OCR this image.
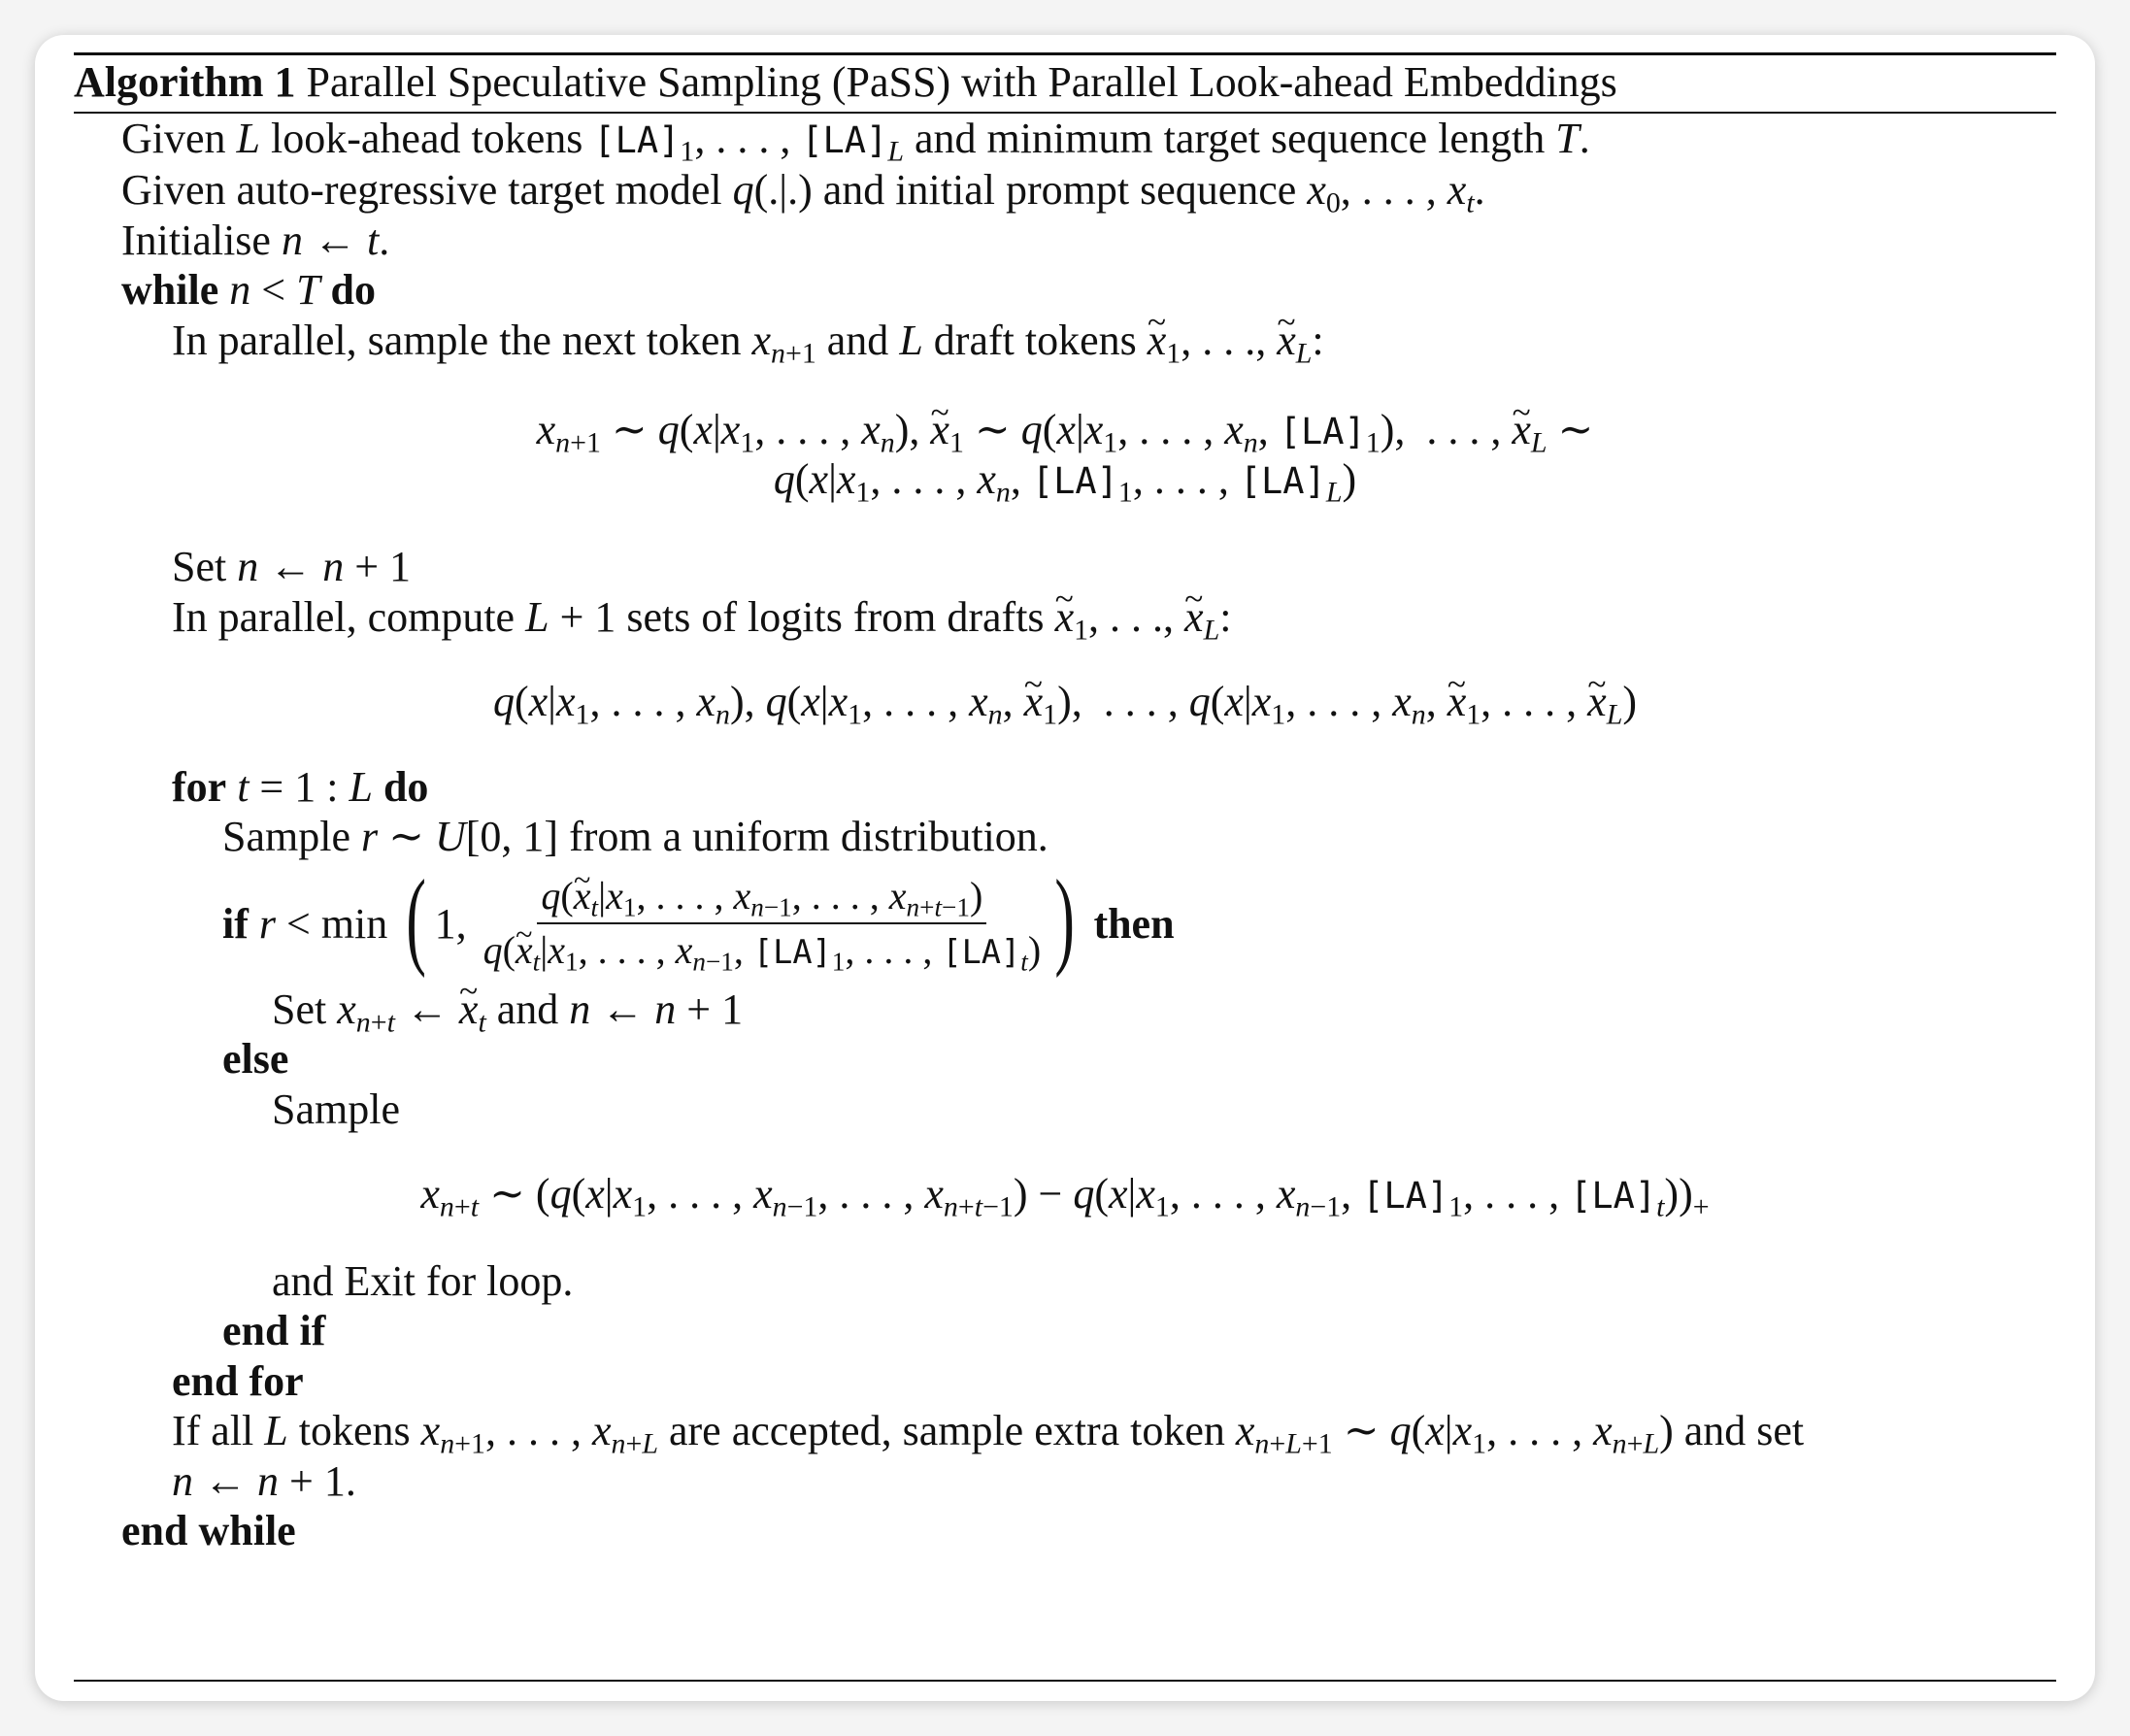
Algorithm 1 Parallel Speculative Sampling (PaSS) with Parallel Look-ahead Embeddings
Given L look-ahead tokens $[LA]_1$, . . . , $[LA]_L$ and minimum target sequence length T.
Given auto-regressive target model q(.|.) and initial prompt sequence $x_0$, . . . , $x_t$.
Initialise n ← t.
while n < T do
In parallel, sample the next token $x_{n+1}$ and L draft tokens ~ $x_1$, . . ., ~ $x_L$:
$x_{n+1}$ ∼ $q(x|x_1$, . . . , $x_n$), ~ $x_1$ ∼ $q(x|x_1$, . . . , $x_n$, $[LA]_1$),  . . . , ~ $x_L$ ∼
$q(x|x_1$, . . . , $x_n$, $[LA]_1$, . . . , $[LA]_L$)
Set n ← n + 1
In parallel, compute L + 1 sets of logits from drafts ~ $x_1$, . . ., ~ $x_L$:
$q(x|x_1$, . . . , $x_n$), $q(x|x_1$, . . . , $x_n$, ~ $x_1$),  . . . , $q(x|x_1$, . . . , $x_n$, ~ $x_1$, . . . , ~ $x_L$)
for t = 1 : L do
Sample r ∼ U[0, 1] from a uniform distribution.
if
r < min ( 1, $\frac{q(\sim x_t|x_1, . . . , x_{n-1}, . . . , x_{n+t-1})}{q(\sim x_t|x_1, . . . , x_{n-1}, [LA]_1, . . . , [LA]_t)}$ )
then
Set $x_{n+t}$ ← ~ $x_t$ and n ← n + 1
else
Sample
$x_{n+t}$ ∼ ($q(x|x_1$, . . . , $x_{n-1}$, . . . , $x_{n+t-1}) - q(x|x_1$, . . . , $x_{n-1}$, $[LA]_1$, . . . , $[LA]_t))_+$
and Exit for loop.
end if
end for
If all L tokens $x_{n+1}$, . . . , $x_{n+L}$ are accepted, sample extra token $x_{n+L+1}$ ∼ $q(x|x_1$, . . . , $x_{n+L}$) and set
n ← n + 1.
end while
